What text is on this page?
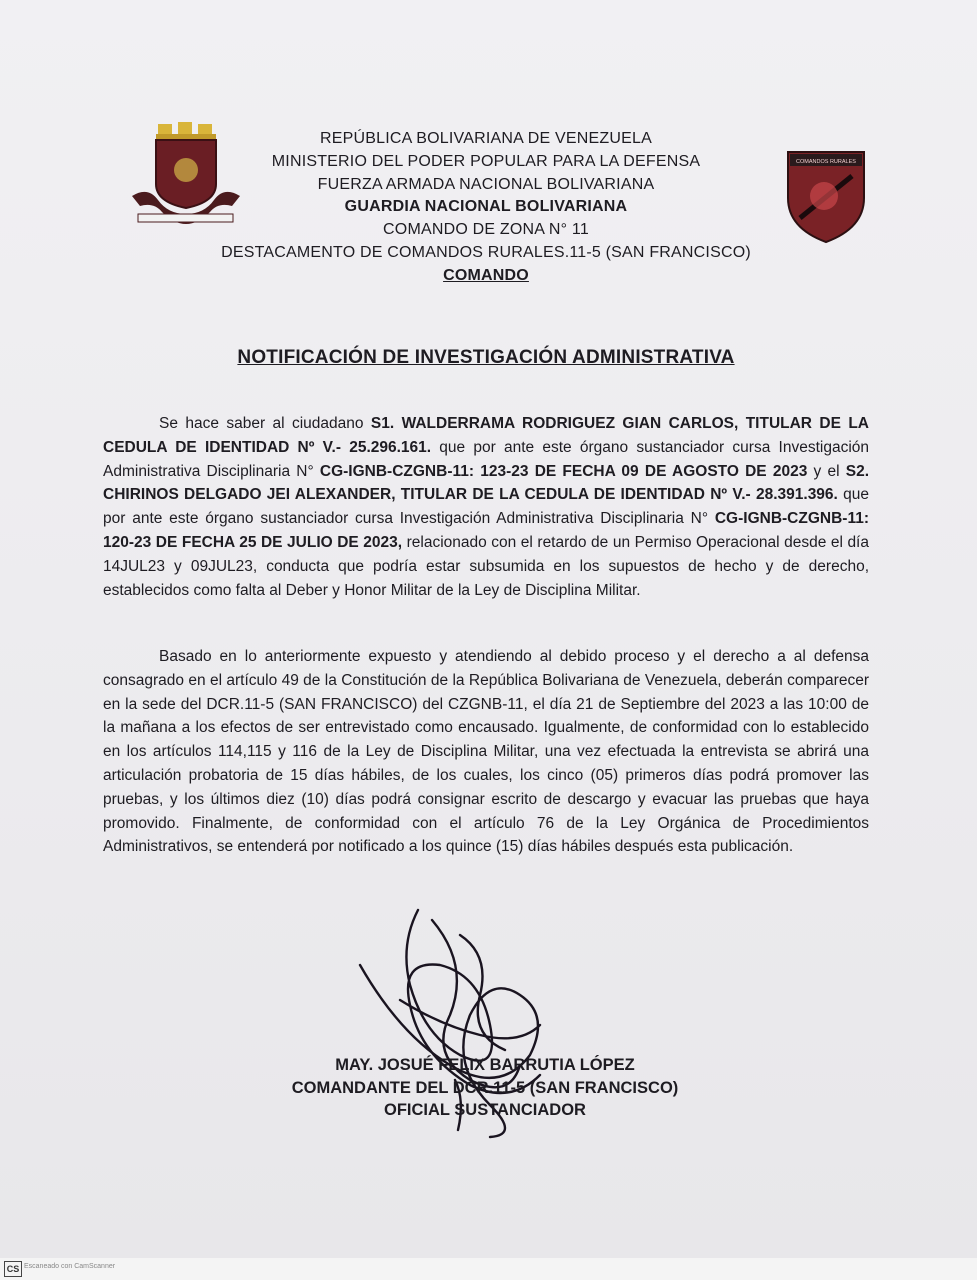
COMANDOS RURALES
REPÚBLICA BOLIVARIANA DE VENEZUELA
MINISTERIO DEL PODER POPULAR PARA LA DEFENSA
FUERZA ARMADA NACIONAL BOLIVARIANA
GUARDIA NACIONAL BOLIVARIANA
COMANDO DE ZONA N° 11
DESTACAMENTO DE COMANDOS RURALES.11-5 (SAN FRANCISCO)
COMANDO
NOTIFICACIÓN DE INVESTIGACIÓN ADMINISTRATIVA
Se hace saber al ciudadano S1. WALDERRAMA RODRIGUEZ GIAN CARLOS, TITULAR DE LA CEDULA DE IDENTIDAD Nº V.- 25.296.161. que por ante este órgano sustanciador cursa Investigación Administrativa Disciplinaria N° CG-IGNB-CZGNB-11: 123-23 DE FECHA 09 DE AGOSTO DE 2023 y el S2. CHIRINOS DELGADO JEI ALEXANDER, TITULAR DE LA CEDULA DE IDENTIDAD Nº V.- 28.391.396. que por ante este órgano sustanciador cursa Investigación Administrativa Disciplinaria N° CG-IGNB-CZGNB-11: 120-23 DE FECHA 25 DE JULIO DE 2023, relacionado con el retardo de un Permiso Operacional desde el día 14JUL23 y 09JUL23, conducta que podría estar subsumida en los supuestos de hecho y de derecho, establecidos como falta al Deber y Honor Militar de la Ley de Disciplina Militar.
Basado en lo anteriormente expuesto y atendiendo al debido proceso y el derecho a al defensa consagrado en el artículo 49 de la Constitución de la República Bolivariana de Venezuela, deberán comparecer en la sede del DCR.11-5 (SAN FRANCISCO) del CZGNB-11, el día 21 de Septiembre del 2023 a las 10:00 de la mañana a los efectos de ser entrevistado como encausado. Igualmente, de conformidad con lo establecido en los artículos 114,115 y 116 de la Ley de Disciplina Militar, una vez efectuada la entrevista se abrirá una articulación probatoria de 15 días hábiles, de los cuales, los cinco (05) primeros días podrá promover las pruebas, y los últimos diez (10) días podrá consignar escrito de descargo y evacuar las pruebas que haya promovido. Finalmente, de conformidad con el artículo 76 de la Ley Orgánica de Procedimientos Administrativos, se entenderá por notificado a los quince (15) días hábiles después esta publicación.
MAY. JOSUÉ FELIX BARRUTIA LÓPEZ
COMANDANTE DEL DCR.11-5 (SAN FRANCISCO)
OFICIAL SUSTANCIADOR
CS Escaneado con CamScanner
